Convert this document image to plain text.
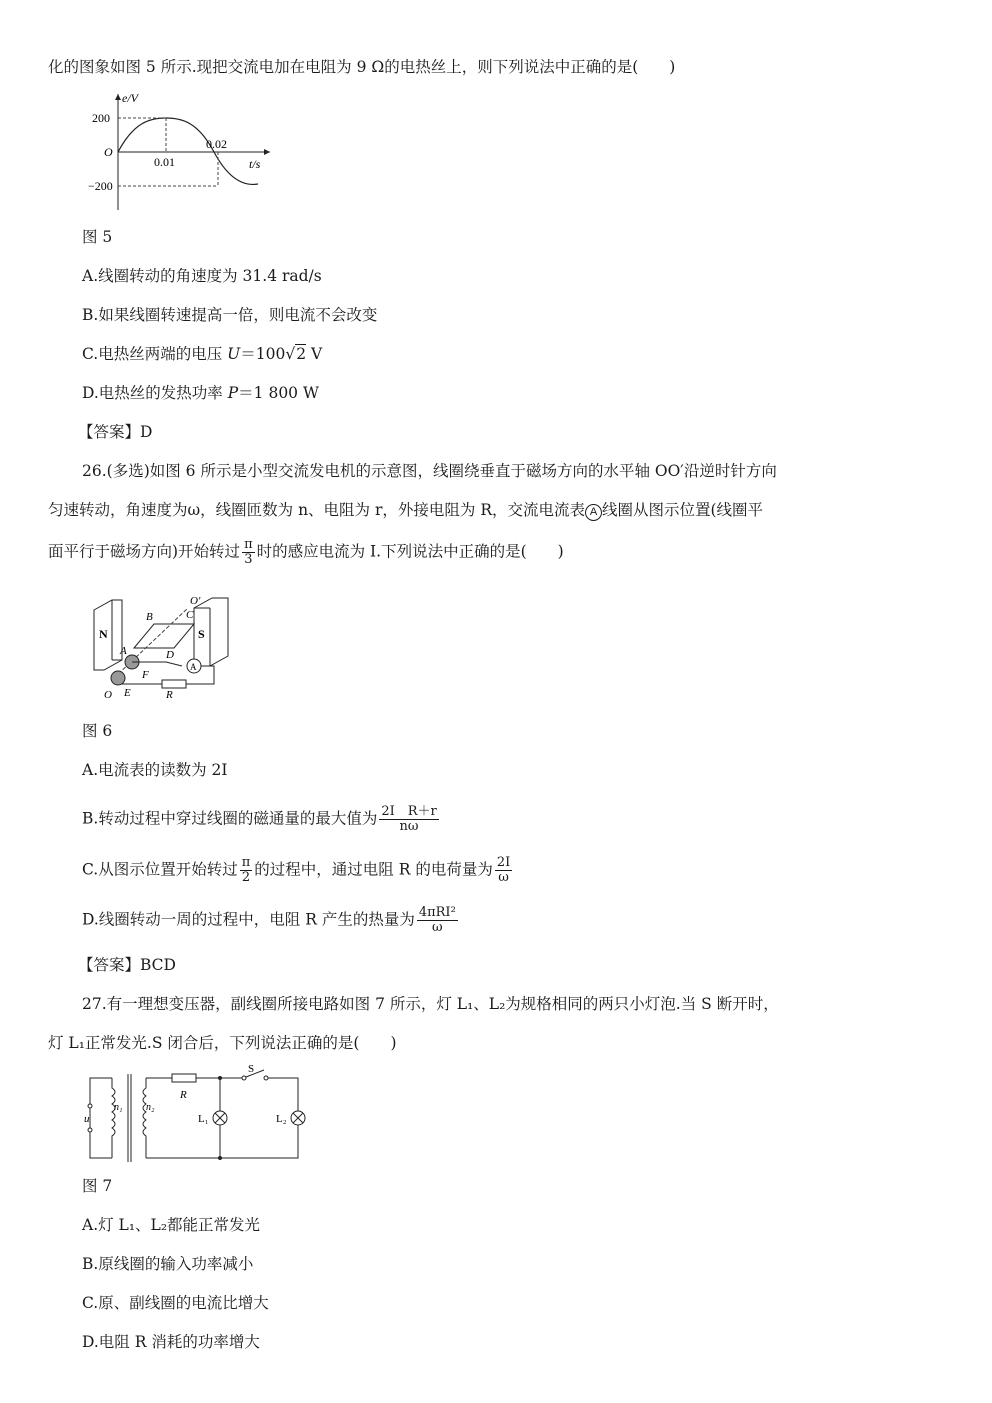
化的图象如图 5 所示.现把交流电加在电阻为 9 Ω的电热丝上，则下列说法中正确的是(　　)
e/V
t/s
O
200
−200
0.01
0.02
图 5
A.线圈转动的角速度为 31.4 rad/s
B.如果线圈转速提高一倍，则电流不会改变
C.电热丝两端的电压 U＝100√2 V
D.电热丝的发热功率 P＝1 800 W
【答案】D
26.(多选)如图 6 所示是小型交流发电机的示意图，线圈绕垂直于磁场方向的水平轴 OO′沿逆时针方向
匀速转动，角速度为ω，线圈匝数为 n、电阻为 r，外接电阻为 R，交流电流表 A 线圈从图示位置(线圈平
面平行于磁场方向)开始转过 $\frac{\pi}{3}$ 时的感应电流为 I.下列说法中正确的是(　　)
N	S
A
B	C
O′
A	D
F
E	R
O
图 6
A.电流表的读数为 2I
B.转动过程中穿过线圈的磁通量的最大值为 $\frac{\text{2I　R＋r}}{n\omega}$
C.从图示位置开始转过 $\frac{\pi}{2}$ 的过程中，通过电阻 R 的电荷量为 $\frac{2I}{\omega}$
D.线圈转动一周的过程中，电阻 R 产生的热量为 $\frac{\text{4πRI²}}{\omega}$
【答案】BCD
27.有一理想变压器，副线圈所接电路如图 7 所示，灯 L₁、L₂为规格相同的两只小灯泡.当 S 断开时，
灯 L₁正常发光.S 闭合后，下列说法正确的是(　　)
u
n₁ n₂
R
S
L₁	L₂
图 7
A.灯 L₁、L₂都能正常发光
B.原线圈的输入功率减小
C.原、副线圈的电流比增大
D.电阻 R 消耗的功率增大
